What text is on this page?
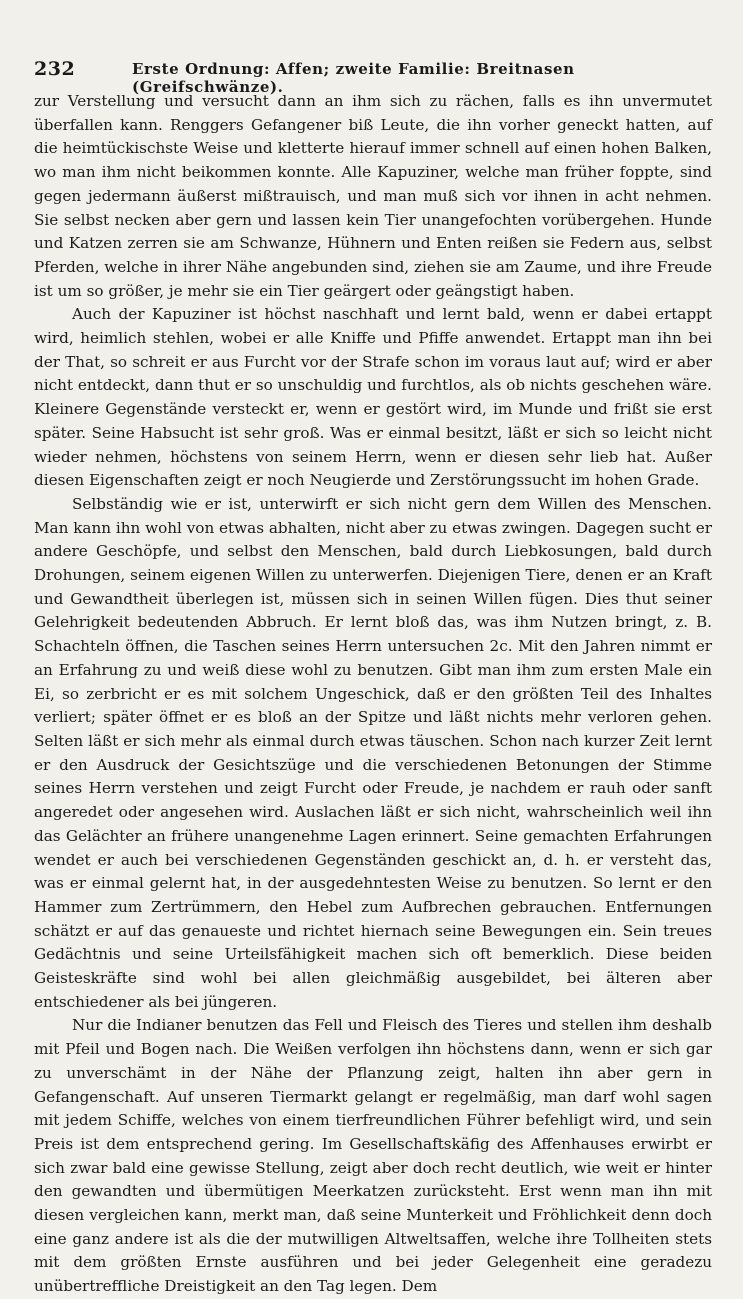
232	Erste Ordnung: Affen; zweite Familie: Breitnasen (Greifschwänze).

zur Verstellung und versucht dann an ihm sich zu rächen, falls es ihn unvermutet überfallen kann. Renggers Gefangener biß Leute, die ihn vorher geneckt hatten, auf die heimtückischste Weise und kletterte hierauf immer schnell auf einen hohen Balken, wo man ihm nicht beikommen konnte. Alle Kapuziner, welche man früher foppte, sind gegen jedermann äußerst mißtrauisch, und man muß sich vor ihnen in acht nehmen. Sie selbst necken aber gern und lassen kein Tier unangefochten vorübergehen. Hunde und Katzen zerren sie am Schwanze, Hühnern und Enten reißen sie Federn aus, selbst Pferden, welche in ihrer Nähe angebunden sind, ziehen sie am Zaume, und ihre Freude ist um so größer, je mehr sie ein Tier geärgert oder geängstigt haben.

Auch der Kapuziner ist höchst naschhaft und lernt bald, wenn er dabei ertappt wird, heimlich stehlen, wobei er alle Kniffe und Pfiffe anwendet. Ertappt man ihn bei der That, so schreit er aus Furcht vor der Strafe schon im voraus laut auf; wird er aber nicht entdeckt, dann thut er so unschuldig und furchtlos, als ob nichts geschehen wäre. Kleinere Gegenstände versteckt er, wenn er gestört wird, im Munde und frißt sie erst später. Seine Habsucht ist sehr groß. Was er einmal besitzt, läßt er sich so leicht nicht wieder nehmen, höchstens von seinem Herrn, wenn er diesen sehr lieb hat. Außer diesen Eigenschaften zeigt er noch Neugierde und Zerstörungssucht im hohen Grade.

Selbständig wie er ist, unterwirft er sich nicht gern dem Willen des Menschen. Man kann ihn wohl von etwas abhalten, nicht aber zu etwas zwingen. Dagegen sucht er andere Geschöpfe, und selbst den Menschen, bald durch Liebkosungen, bald durch Drohungen, seinem eigenen Willen zu unterwerfen. Diejenigen Tiere, denen er an Kraft und Gewandtheit überlegen ist, müssen sich in seinen Willen fügen. Dies thut seiner Gelehrigkeit bedeutenden Abbruch. Er lernt bloß das, was ihm Nutzen bringt, z. B. Schachteln öffnen, die Taschen seines Herrn untersuchen 2c. Mit den Jahren nimmt er an Erfahrung zu und weiß diese wohl zu benutzen. Gibt man ihm zum ersten Male ein Ei, so zerbricht er es mit solchem Ungeschick, daß er den größten Teil des Inhaltes verliert; später öffnet er es bloß an der Spitze und läßt nichts mehr verloren gehen. Selten läßt er sich mehr als einmal durch etwas täuschen. Schon nach kurzer Zeit lernt er den Ausdruck der Gesichtszüge und die verschiedenen Betonungen der Stimme seines Herrn verstehen und zeigt Furcht oder Freude, je nachdem er rauh oder sanft angeredet oder angesehen wird. Auslachen läßt er sich nicht, wahrscheinlich weil ihn das Gelächter an frühere unangenehme Lagen erinnert. Seine gemachten Erfahrungen wendet er auch bei verschiedenen Gegenständen geschickt an, d. h. er versteht das, was er einmal gelernt hat, in der ausgedehntesten Weise zu benutzen. So lernt er den Hammer zum Zertrümmern, den Hebel zum Aufbrechen gebrauchen. Entfernungen schätzt er auf das genaueste und richtet hiernach seine Bewegungen ein. Sein treues Gedächtnis und seine Urteilsfähigkeit machen sich oft bemerklich. Diese beiden Geisteskräfte sind wohl bei allen gleichmäßig ausgebildet, bei älteren aber entschiedener als bei jüngeren.

Nur die Indianer benutzen das Fell und Fleisch des Tieres und stellen ihm deshalb mit Pfeil und Bogen nach. Die Weißen verfolgen ihn höchstens dann, wenn er sich gar zu unverschämt in der Nähe der Pflanzung zeigt, halten ihn aber gern in Gefangenschaft. Auf unseren Tiermarkt gelangt er regelmäßig, man darf wohl sagen mit jedem Schiffe, welches von einem tierfreundlichen Führer befehligt wird, und sein Preis ist dem entsprechend gering. Im Gesellschaftskäfig des Affenhauses erwirbt er sich zwar bald eine gewisse Stellung, zeigt aber doch recht deutlich, wie weit er hinter den gewandten und übermütigen Meerkatzen zurücksteht. Erst wenn man ihn mit diesen vergleichen kann, merkt man, daß seine Munterkeit und Fröhlichkeit denn doch eine ganz andere ist als die der mutwilligen Altweltsaffen, welche ihre Tollheiten stets mit dem größten Ernste ausführen und bei jeder Gelegenheit eine geradezu unübertreffliche Dreistigkeit an den Tag legen. Dem
